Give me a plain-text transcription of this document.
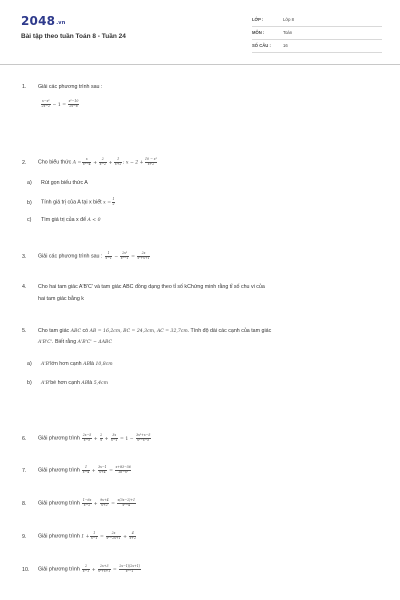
2048.vn
Bài tập theo tuần Toán 8 - Tuần 24
LỚP :	Lớp 8
MÔN :	Toán
SỐ CÂU :	16
1. Giải các phương trình sau :
$\frac{\text{x−x²}}{2x-2} - 1 = \frac{\text{x²−10}}{2x-6}$
2. Cho biểu thức $A = \frac{x}{\text{x²−4}} + \frac{2}{x-2} + \frac{1}{x+2}$ : $x - 2 + \frac{\text{10 − x²}}{x+2}$
a) Rút gọn biểu thức A
b) Tính giá trị của A tại x biết $x = \frac{1}{2}$
c) Tìm giá trị của x để A < 0
3. Giải các phương trình sau : $\frac{1}{x-1} - \frac{\text{2x²}}{\text{x³−1}} = \frac{2x}{\text{x²+x+1}}$
4. Cho hai tam giác A'B'C' và tam giác ABC đồng dạng theo tỉ số kChứng minh rằng tỉ số chu vi của
hai tam giác bằng k
5. Cho tam giác ABC có AB = 16,2cm, BC = 24,3cm, AC = 32,7cm. Tính độ dài các cạnh của tam giác
A'B'C'. Biết rằng A'B'C' ∼ ΔABC
a) A'B'lớn hơn cạnh ABlà 10,8cm
b) A'B'bé hơn cạnh ABlà 5,4cm
6. Giải phương trình $\frac{2x-5}{x-5} + \frac{2}{x} + \frac{3x}{x-1} = 1 - \frac{\text{3x²+x−5}}{\text{x²−x−5}}$
7. Giải phương trình $\frac{1}{x-4} + \frac{3x-1}{x+4} = \frac{x+83-56}{\text{16−x²}}$
8. Giải phương trình $\frac{1-6x}{x-2} + \frac{9x+4}{x+2} = \frac{x(3x-2)+1}{\text{x²−4}}$
9. Giải phương trình $1 + \frac{1}{x-1} = \frac{2x}{\text{x²−2x+1}} + \frac{4}{x+2}$
10. Giải phương trình $\frac{2}{x-1} + \frac{2x+3}{\text{x²+x+1}} = \frac{2x-1)(2x+1)}{\text{x³−1}}$
